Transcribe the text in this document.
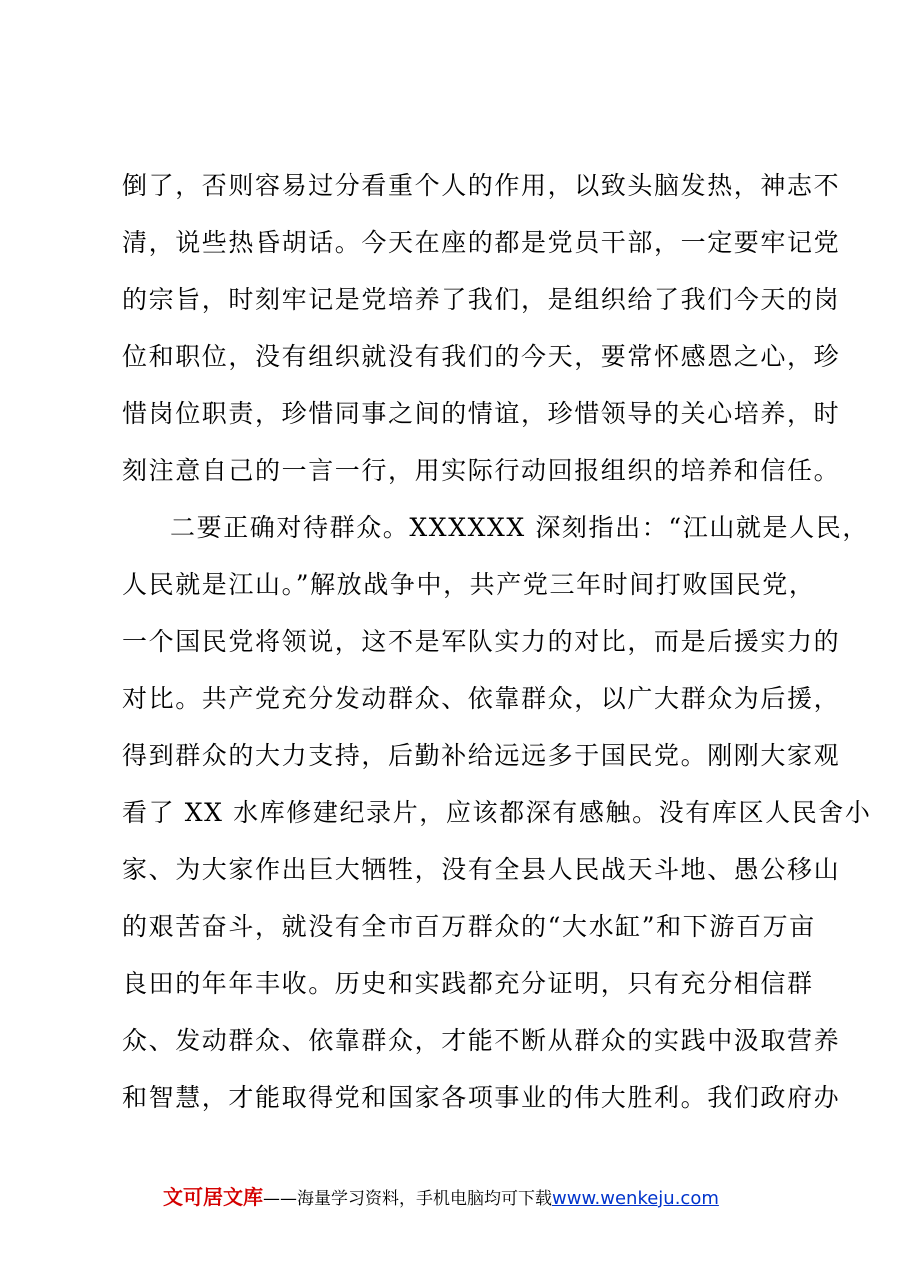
倒了，否则容易过分看重个人的作用，以致头脑发热，神志不
清，说些热昏胡话。今天在座的都是党员干部，一定要牢记党
的宗旨，时刻牢记是党培养了我们，是组织给了我们今天的岗
位和职位，没有组织就没有我们的今天，要常怀感恩之心，珍
惜岗位职责，珍惜同事之间的情谊，珍惜领导的关心培养，时
刻注意自己的一言一行，用实际行动回报组织的培养和信任。
二要正确对待群众。XXXXXX 深刻指出：“江山就是人民，
人民就是江山。”解放战争中，共产党三年时间打败国民党，
一个国民党将领说，这不是军队实力的对比，而是后援实力的
对比。共产党充分发动群众、依靠群众，以广大群众为后援，
得到群众的大力支持，后勤补给远远多于国民党。刚刚大家观
看了 XX 水库修建纪录片，应该都深有感触。没有库区人民舍小
家、为大家作出巨大牺牲，没有全县人民战天斗地、愚公移山
的艰苦奋斗，就没有全市百万群众的“大水缸”和下游百万亩
良田的年年丰收。历史和实践都充分证明，只有充分相信群
众、发动群众、依靠群众，才能不断从群众的实践中汲取营养
和智慧，才能取得党和国家各项事业的伟大胜利。我们政府办
文可居文库——海量学习资料，手机电脑均可下载www.wenkeju.com
